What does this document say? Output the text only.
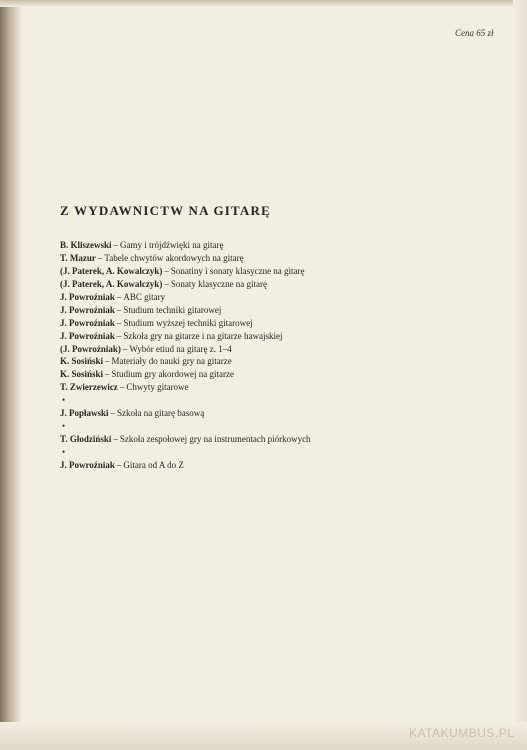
Cena 65 zł
Z WYDAWNICTW NA GITARĘ
B. Kliszewski – Gamy i trójdźwięki na gitarę
T. Mazur – Tabele chwytów akordowych na gitarę
(J. Paterek, A. Kowalczyk) – Sonatiny i sonaty klasyczne na gitarę
(J. Paterek, A. Kowalczyk) – Sonaty klasyczne na gitarę
J. Powroźniak – ABC gitary
J. Powroźniak – Studium techniki gitarowej
J. Powroźniak – Studium wyższej techniki gitarowej
J. Powroźniak – Szkoła gry na gitarze i na gitarze hawajskiej
(J. Powroźniak) – Wybór etiud na gitarę z. 1–4
K. Sosiński – Materiały do nauki gry na gitarze
K. Sosiński – Studium gry akordowej na gitarze
T. Zwierzewicz – Chwyty gitarowe
•
J. Popławski – Szkoła na gitarę basową
•
T. Głodziński – Szkoła zespołowej gry na instrumentach piórkowych
•
J. Powroźniak – Gitara od A do Z
KATAKUMBUS.PL
